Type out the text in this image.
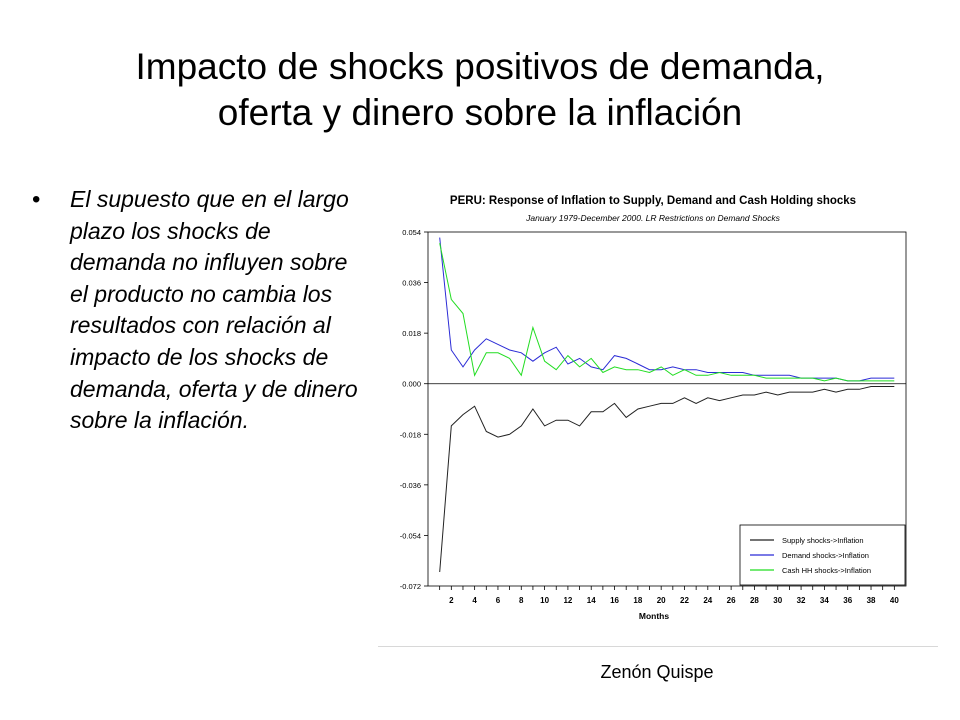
Impacto de shocks positivos de demanda,
oferta y dinero sobre la inflación
•	El supuesto que en el largo plazo los shocks de demanda no influyen sobre el producto no cambia los resultados con relación al impacto de los shocks de demanda, oferta y de dinero sobre la inflación.
PERU: Response of Inflation to Supply, Demand and Cash Holding shocks
January 1979-December 2000. LR Restrictions on Demand Shocks
0.054
0.036
0.018
0.000
-0.018
-0.036
-0.054
-0.072
2 4 6 8 10 12 14 16 18 20 22 24 26 28 30 32 34 36 38 40
Months
Supply shocks->Inflation
Demand shocks->Inflation
Cash HH shocks->Inflation
Zenón Quispe
